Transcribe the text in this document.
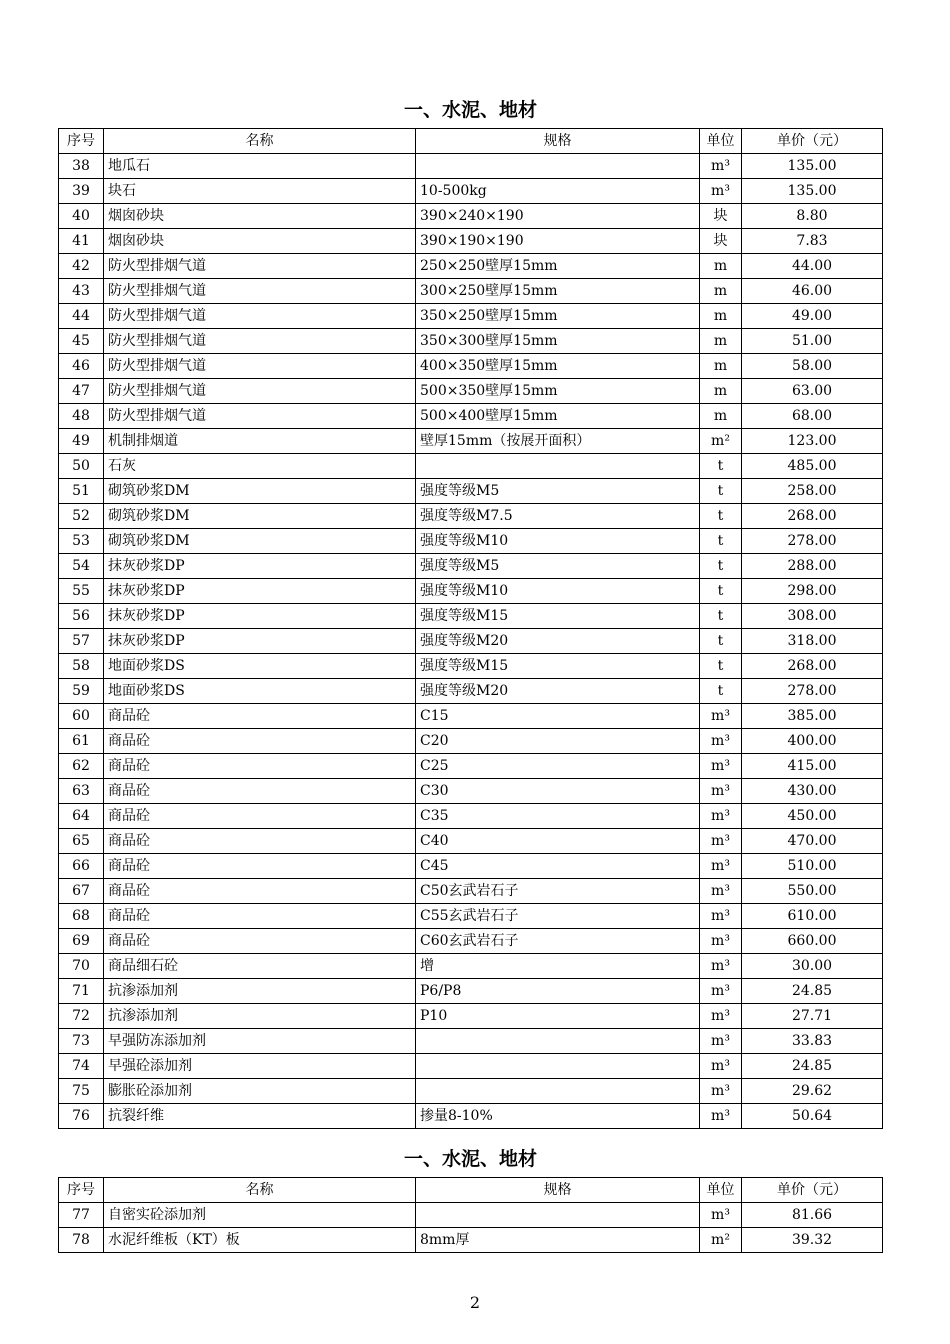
一、水泥、地材
序号	名称	规格	单位	单价（元）
38	地瓜石		m³	135.00
39	块石	10-500kg	m³	135.00
40	烟囱砂块	390×240×190	块	8.80
41	烟囱砂块	390×190×190	块	7.83
42	防火型排烟气道	250×250壁厚15mm	m	44.00
43	防火型排烟气道	300×250壁厚15mm	m	46.00
44	防火型排烟气道	350×250壁厚15mm	m	49.00
45	防火型排烟气道	350×300壁厚15mm	m	51.00
46	防火型排烟气道	400×350壁厚15mm	m	58.00
47	防火型排烟气道	500×350壁厚15mm	m	63.00
48	防火型排烟气道	500×400壁厚15mm	m	68.00
49	机制排烟道	壁厚15mm（按展开面积）	m²	123.00
50	石灰		t	485.00
51	砌筑砂浆DM	强度等级M5	t	258.00
52	砌筑砂浆DM	强度等级M7.5	t	268.00
53	砌筑砂浆DM	强度等级M10	t	278.00
54	抹灰砂浆DP	强度等级M5	t	288.00
55	抹灰砂浆DP	强度等级M10	t	298.00
56	抹灰砂浆DP	强度等级M15	t	308.00
57	抹灰砂浆DP	强度等级M20	t	318.00
58	地面砂浆DS	强度等级M15	t	268.00
59	地面砂浆DS	强度等级M20	t	278.00
60	商品砼	C15	m³	385.00
61	商品砼	C20	m³	400.00
62	商品砼	C25	m³	415.00
63	商品砼	C30	m³	430.00
64	商品砼	C35	m³	450.00
65	商品砼	C40	m³	470.00
66	商品砼	C45	m³	510.00
67	商品砼	C50玄武岩石子	m³	550.00
68	商品砼	C55玄武岩石子	m³	610.00
69	商品砼	C60玄武岩石子	m³	660.00
70	商品细石砼	增	m³	30.00
71	抗渗添加剂	P6/P8	m³	24.85
72	抗渗添加剂	P10	m³	27.71
73	早强防冻添加剂		m³	33.83
74	早强砼添加剂		m³	24.85
75	膨胀砼添加剂		m³	29.62
76	抗裂纤维	掺量8-10%	m³	50.64
一、水泥、地材
序号	名称	规格	单位	单价（元）
77	自密实砼添加剂		m³	81.66
78	水泥纤维板（KT）板	8mm厚	m²	39.32
2
